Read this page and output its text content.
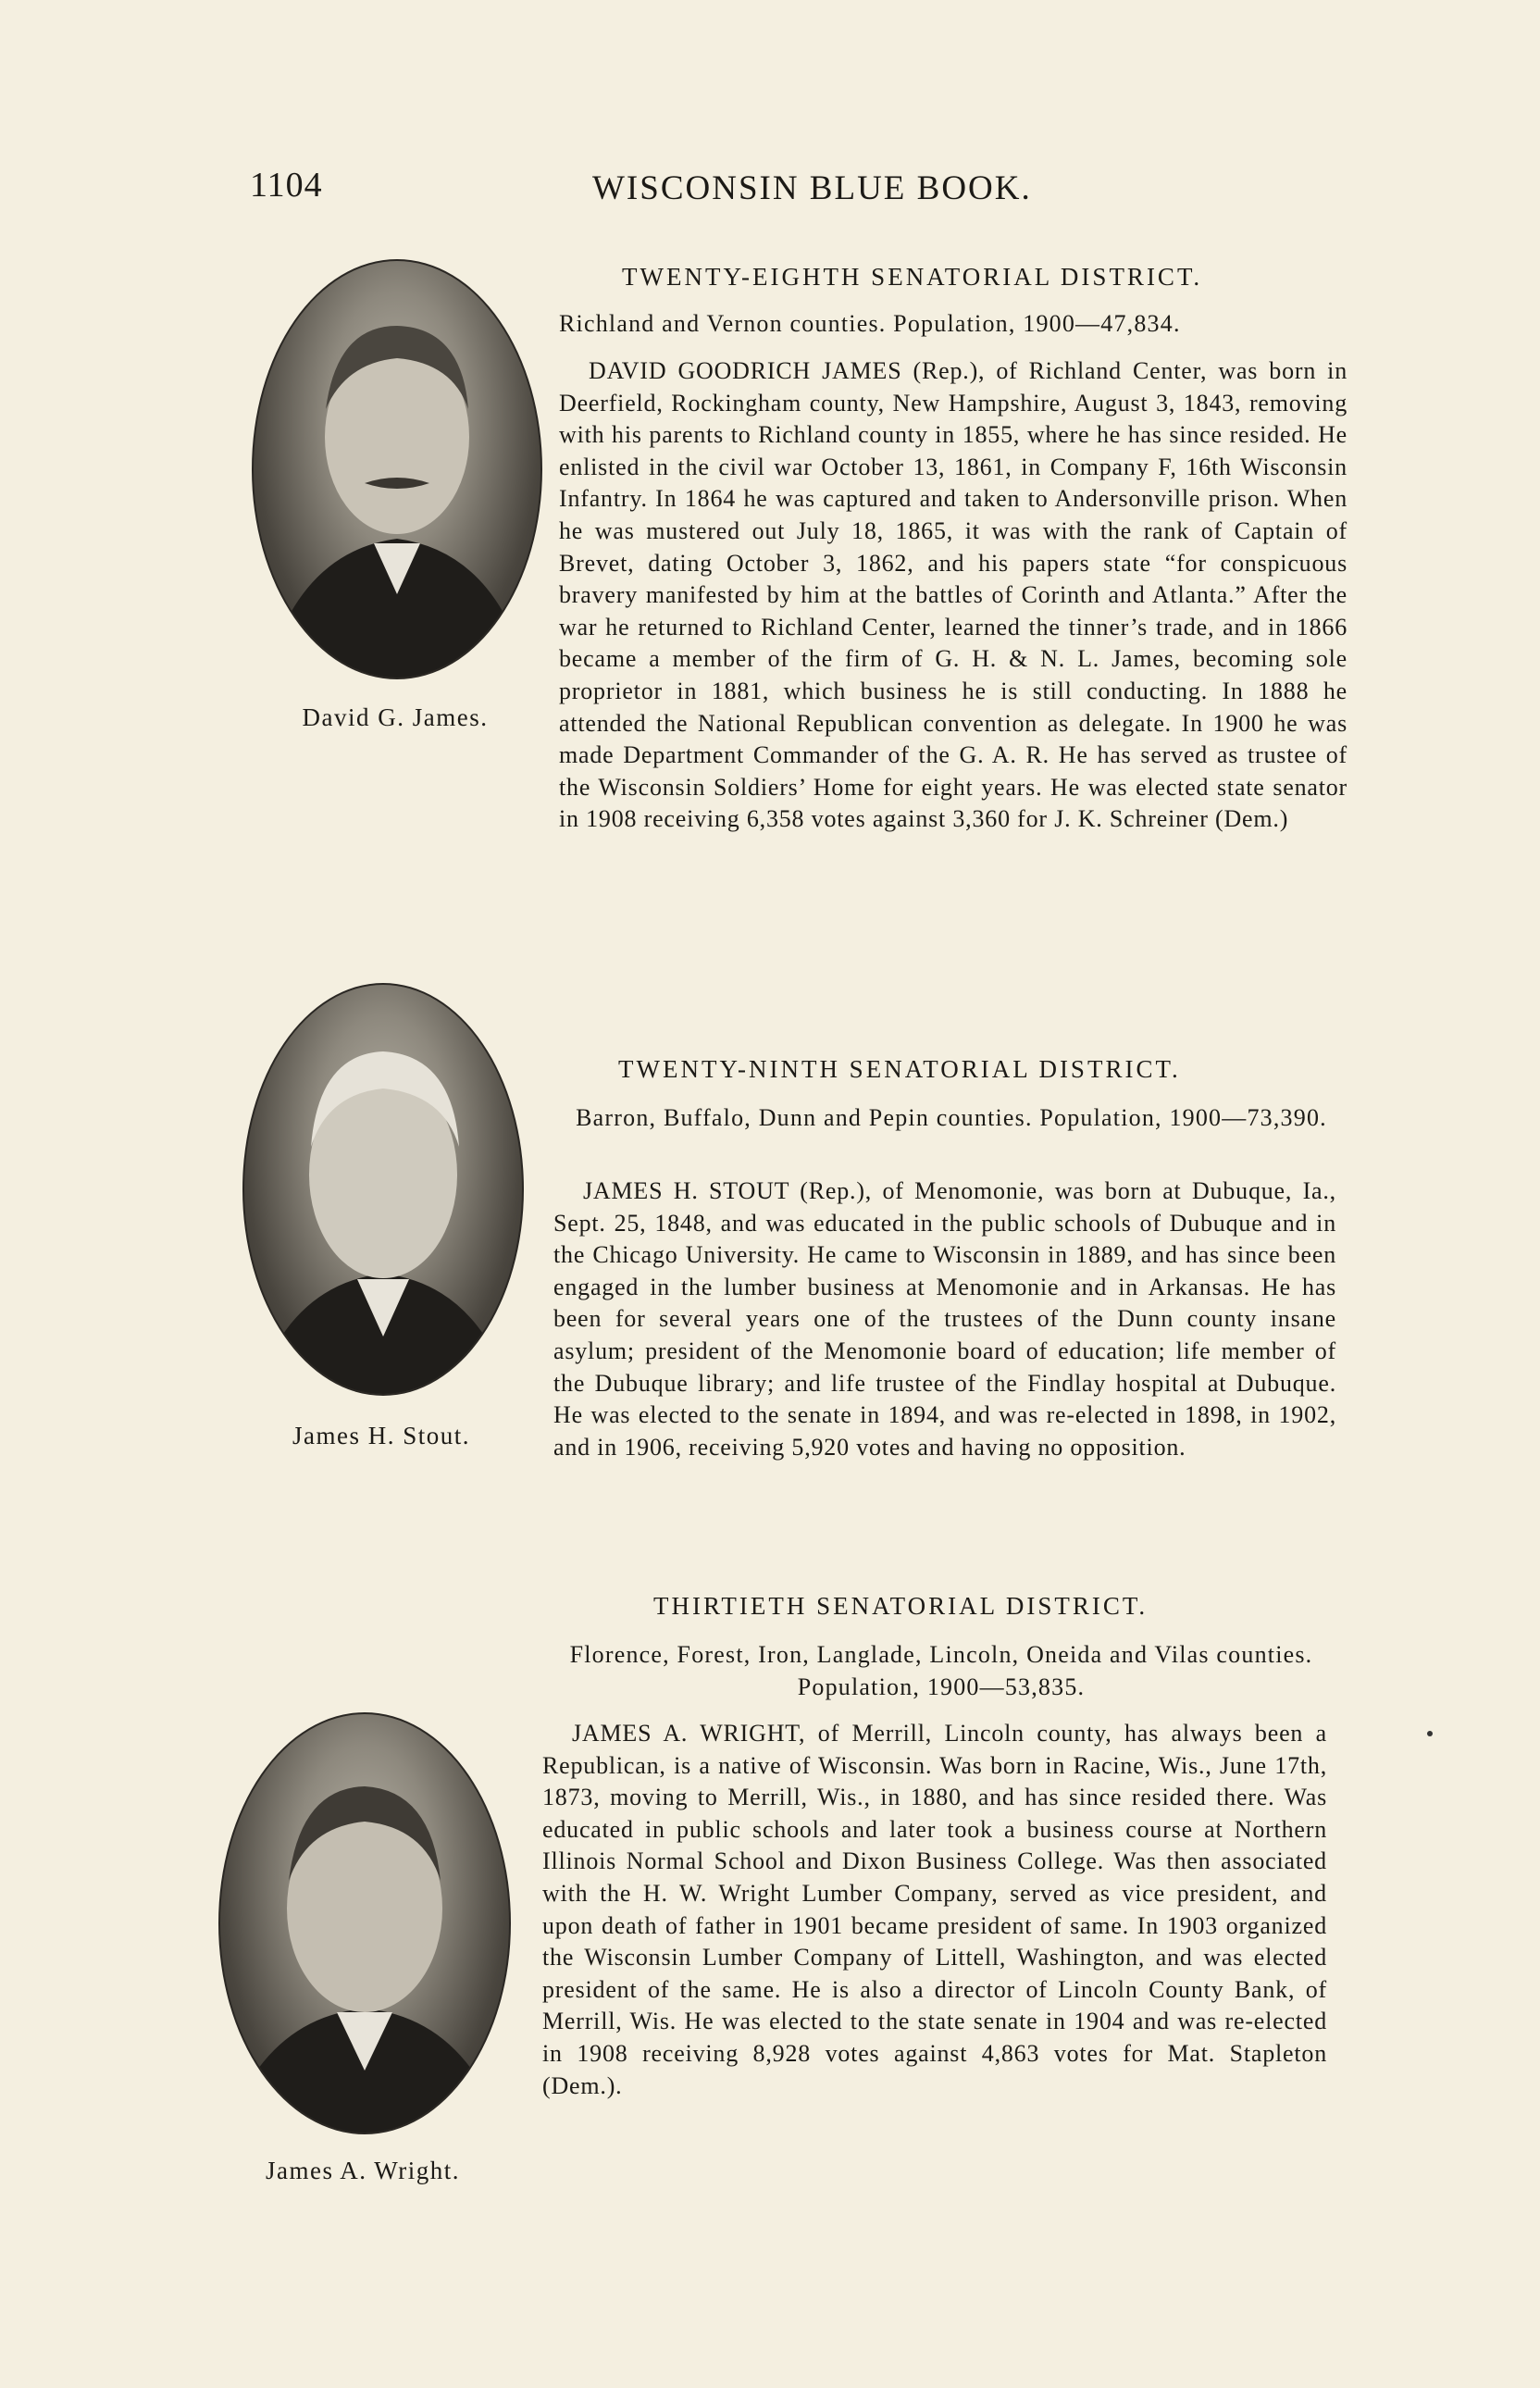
1104	WISCONSIN BLUE BOOK.
TWENTY-EIGHTH SENATORIAL DISTRICT.
Richland and Vernon counties. Population, 1900—47,834.
David G. James.

DAVID GOODRICH JAMES (Rep.), of Richland Center, was born in Deerfield, Rockingham county, New Hampshire, August 3, 1843, removing with his parents to Richland county in 1855, where he has since resided. He enlisted in the civil war October 13, 1861, in Company F, 16th Wisconsin Infantry. In 1864 he was captured and taken to Andersonville prison. When he was mustered out July 18, 1865, it was with the rank of Captain of Brevet, dating October 3, 1862, and his papers state “for conspicuous bravery manifested by him at the battles of Corinth and Atlanta.” After the war he returned to Richland Center, learned the tinner’s trade, and in 1866 became a member of the firm of G. H. & N. L. James, becoming sole proprietor in 1881, which business he is still conducting. In 1888 he attended the National Republican convention as delegate. In 1900 he was made Department Commander of the G. A. R. He has served as trustee of the Wisconsin Soldiers’ Home for eight years. He was elected state senator in 1908 receiving 6,358 votes against 3,360 for J. K. Schreiner (Dem.)

TWENTY-NINTH SENATORIAL DISTRICT.
Barron, Buffalo, Dunn and Pepin counties. Population, 1900—73,390.
James H. Stout.

JAMES H. STOUT (Rep.), of Menomonie, was born at Dubuque, Ia., Sept. 25, 1848, and was educated in the public schools of Dubuque and in the Chicago University. He came to Wisconsin in 1889, and has since been engaged in the lumber business at Menomonie and in Arkansas. He has been for several years one of the trustees of the Dunn county insane asylum; president of the Menomonie board of education; life member of the Dubuque library; and life trustee of the Findlay hospital at Dubuque. He was elected to the senate in 1894, and was re-elected in 1898, in 1902, and in 1906, receiving 5,920 votes and having no opposition.

THIRTIETH SENATORIAL DISTRICT.
Florence, Forest, Iron, Langlade, Lincoln, Oneida and Vilas counties. Population, 1900—53,835.
James A. Wright.

JAMES A. WRIGHT, of Merrill, Lincoln county, has always been a Republican, is a native of Wisconsin. Was born in Racine, Wis., June 17th, 1873, moving to Merrill, Wis., in 1880, and has since resided there. Was educated in public schools and later took a business course at Northern Illinois Normal School and Dixon Business College. Was then associated with the H. W. Wright Lumber Company, served as vice president, and upon death of father in 1901 became president of same. In 1903 organized the Wisconsin Lumber Company of Littell, Washington, and was elected president of the same. He is also a director of Lincoln County Bank, of Merrill, Wis. He was elected to the state senate in 1904 and was re-elected in 1908 receiving 8,928 votes against 4,863 votes for Mat. Stapleton (Dem.).
